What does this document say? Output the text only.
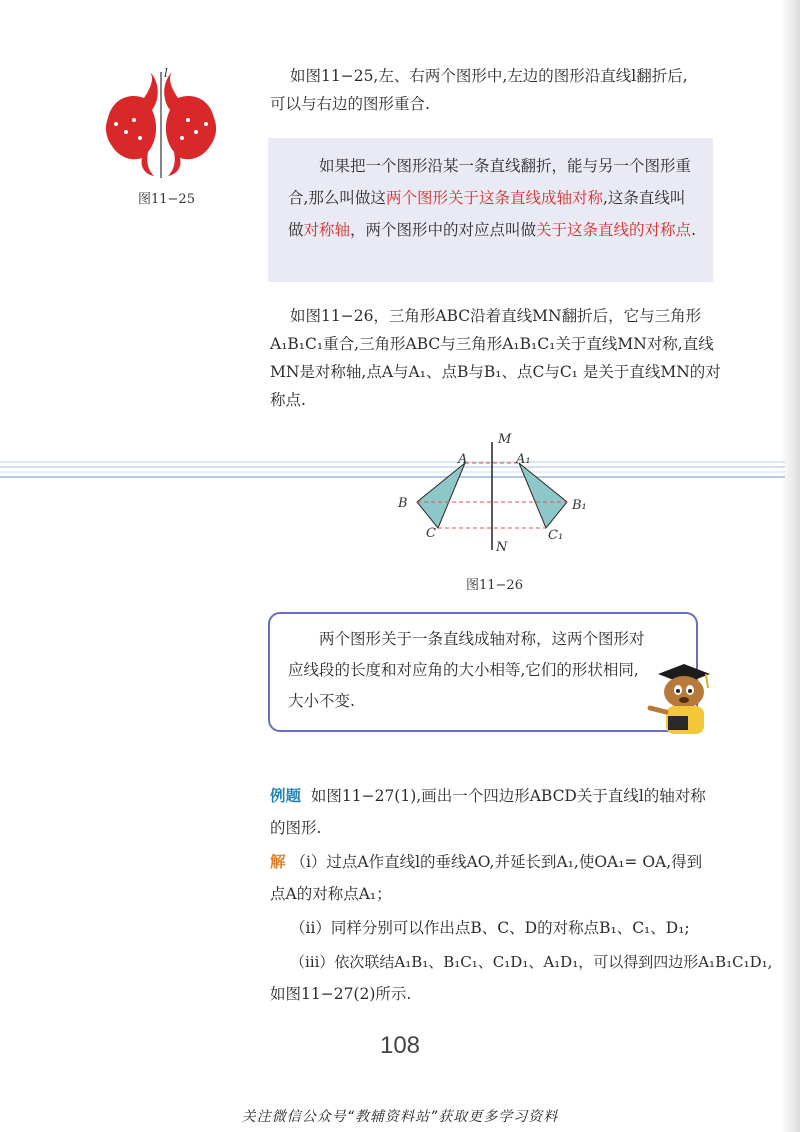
l
图11−25
如图11−25,左、右两个图形中,左边的图形沿直线l翻折后,
可以与右边的图形重合.
如果把一个图形沿某一条直线翻折，能与另一个图形重合,那么叫做这两个图形关于这条直线成轴对称,这条直线叫做对称轴，两个图形中的对应点叫做关于这条直线的对称点.
如图11−26，三角形ABC沿着直线MN翻折后，它与三角形
A₁B₁C₁重合,三角形ABC与三角形A₁B₁C₁关于直线MN对称,直线
MN是对称轴,点A与A₁、点B与B₁、点C与C₁ 是关于直线MN的对
称点.
M
N
A	A₁
B	B₁
C	C₁
图11−26
两个图形关于一条直线成轴对称，这两个图形对
应线段的长度和对应角的大小相等,它们的形状相同,
大小不变.
例题 如图11−27(1),画出一个四边形ABCD关于直线l的轴对称
的图形.
解 （ⅰ）过点A作直线l的垂线AO,并延长到A₁,使OA₁= OA,得到
点A的对称点A₁；
（ⅱ）同样分别可以作出点B、C、D的对称点B₁、C₁、D₁;
（ⅲ）依次联结A₁B₁、B₁C₁、C₁D₁、A₁D₁，可以得到四边形A₁B₁C₁D₁,
如图11−27(2)所示.
108
关注微信公众号“教辅资料站”获取更多学习资料
